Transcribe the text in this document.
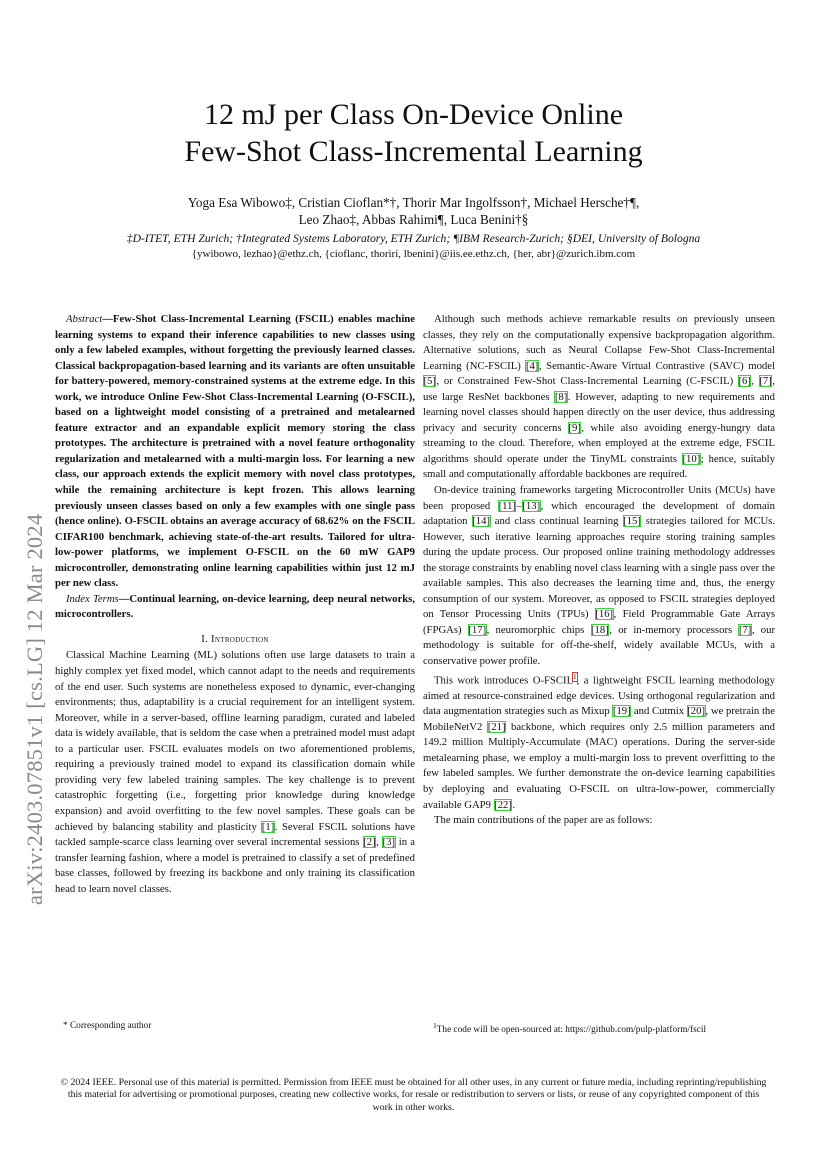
arXiv:2403.07851v1 [cs.LG] 12 Mar 2024
12 mJ per Class On-Device Online
Few-Shot Class-Incremental Learning
Yoga Esa Wibowo‡, Cristian Cioflan*†, Thorir Mar Ingolfsson†, Michael Hersche†¶,
Leo Zhao‡, Abbas Rahimi¶, Luca Benini†§
‡D-ITET, ETH Zurich; †Integrated Systems Laboratory, ETH Zurich; ¶IBM Research-Zurich; §DEI, University of Bologna
{ywibowo, lezhao}@ethz.ch, {cioflanc, thoriri, lbenini}@iis.ee.ethz.ch, {her, abr}@zurich.ibm.com

Abstract—Few-Shot Class-Incremental Learning (FSCIL) enables machine learning systems to expand their inference capabilities to new classes using only a few labeled examples, without forgetting the previously learned classes. Classical backpropagation-based learning and its variants are often unsuitable for battery-powered, memory-constrained systems at the extreme edge. In this work, we introduce Online Few-Shot Class-Incremental Learning (O-FSCIL), based on a lightweight model consisting of a pretrained and metalearned feature extractor and an expandable explicit memory storing the class prototypes. The architecture is pretrained with a novel feature orthogonality regularization and metalearned with a multi-margin loss. For learning a new class, our approach extends the explicit memory with novel class prototypes, while the remaining architecture is kept frozen. This allows learning previously unseen classes based on only a few examples with one single pass (hence online). O-FSCIL obtains an average accuracy of 68.62% on the FSCIL CIFAR100 benchmark, achieving state-of-the-art results. Tailored for ultra-low-power platforms, we implement O-FSCIL on the 60 mW GAP9 microcontroller, demonstrating online learning capabilities within just 12 mJ per new class.

Index Terms—Continual learning, on-device learning, deep neural networks, microcontrollers.

I. Introduction

Classical Machine Learning (ML) solutions often use large datasets to train a highly complex yet fixed model, which cannot adapt to the needs and requirements of the end user. Such systems are nonetheless exposed to dynamic, ever-changing environments; thus, adaptability is a crucial requirement for an intelligent system. Moreover, while in a server-based, offline learning paradigm, curated and labeled data is widely available, that is seldom the case when a pretrained model must adapt to a particular user. FSCIL evaluates models on two aforementioned problems, requiring a previously trained model to expand its classification domain while providing very few labeled training samples. The key challenge is to prevent catastrophic forgetting (i.e., forgetting prior knowledge during knowledge expansion) and avoid overfitting to the few novel samples. These goals can be achieved by balancing stability and plasticity [1]. Several FSCIL solutions have tackled sample-scarce class learning over several incremental sessions [2], [3] in a transfer learning fashion, where a model is pretrained to classify a set of predefined base classes, followed by freezing its backbone and only training its classification head to learn novel classes.

Although such methods achieve remarkable results on previously unseen classes, they rely on the computationally expensive backpropagation algorithm. Alternative solutions, such as Neural Collapse Few-Shot Class-Incremental Learning (NC-FSCIL) [4], Semantic-Aware Virtual Contrastive (SAVC) model [5], or Constrained Few-Shot Class-Incremental Learning (C-FSCIL) [6], [7], use large ResNet backbones [8]. However, adapting to new requirements and learning novel classes should happen directly on the user device, thus addressing privacy and security concerns [9], while also avoiding energy-hungry data streaming to the cloud. Therefore, when employed at the extreme edge, FSCIL algorithms should operate under the TinyML constraints [10]; hence, suitably small and computationally affordable backbones are required.

On-device training frameworks targeting Microcontroller Units (MCUs) have been proposed [11]–[13], which encouraged the development of domain adaptation [14] and class continual learning [15] strategies tailored for MCUs. However, such iterative learning approaches require storing training samples during the update process. Our proposed online training methodology addresses the storage constraints by enabling novel class learning with a single pass over the available samples. This also decreases the learning time and, thus, the energy consumption of our system. Moreover, as opposed to FSCIL strategies deployed on Tensor Processing Units (TPUs) [16], Field Programmable Gate Arrays (FPGAs) [17], neuromorphic chips [18], or in-memory processors [7], our methodology is suitable for off-the-shelf, widely available MCUs, with a conservative power profile.

This work introduces O-FSCIL$^1$, a lightweight FSCIL learning methodology aimed at resource-constrained edge devices. Using orthogonal regularization and data augmentation strategies such as Mixup [19] and Cutmix [20], we pretrain the MobileNetV2 [21] backbone, which requires only 2.5 million parameters and 149.2 million Multiply-Accumulate (MAC) operations. During the server-side metalearning phase, we employ a multi-margin loss to prevent overfitting to the few labeled samples. We further demonstrate the on-device learning capabilities by deploying and evaluating O-FSCIL on ultra-low-power, commercially available GAP9 [22].

The main contributions of the paper are as follows:

* Corresponding author	$^1$The code will be open-sourced at: https://github.com/pulp-platform/fscil
© 2024 IEEE. Personal use of this material is permitted. Permission from IEEE must be obtained for all other uses, in any current or future media, including reprinting/republishing this material for advertising or promotional purposes, creating new collective works, for resale or redistribution to servers or lists, or reuse of any copyrighted component of this work in other works.
